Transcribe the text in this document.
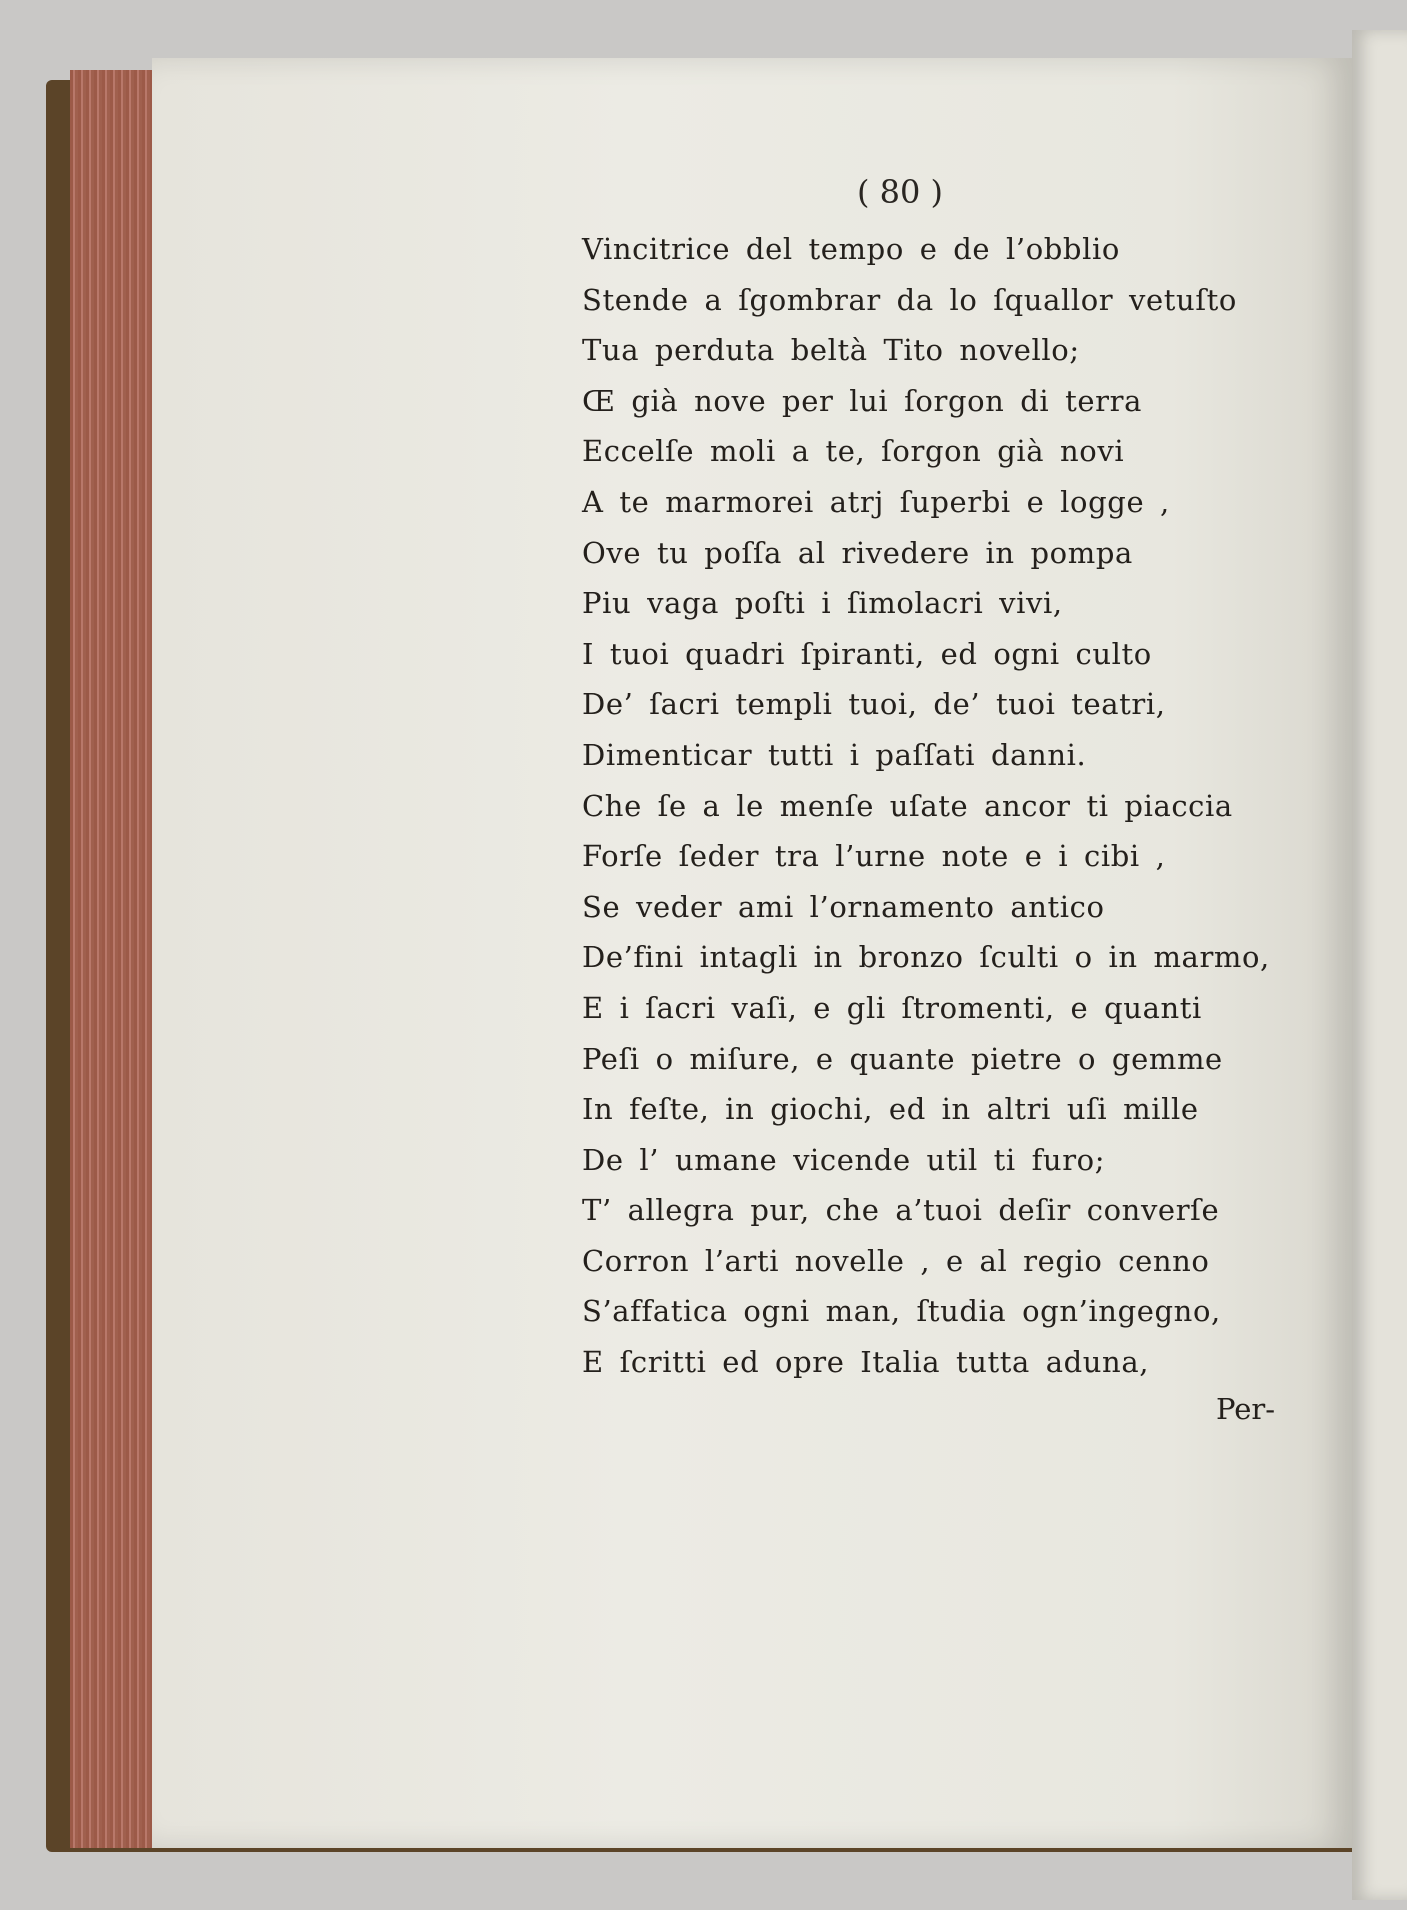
( 80 )
Vincitrice del tempo e de l’obblio
Stende a ſgombrar da lo ſquallor vetuſto
Tua perduta beltà Tito novello;
Œ già nove per lui ſorgon di terra
Eccelſe moli a te, ſorgon già novi
A te marmorei atrj ſuperbi e logge ,
Ove tu poſſa al rivedere in pompa
Piu vaga poſti i ſimolacri vivi,
I tuoi quadri ſpiranti, ed ogni culto
De’ ſacri templi tuoi, de’ tuoi teatri,
Dimenticar tutti i paſſati danni.
Che ſe a le menſe uſate ancor ti piaccia
Forſe ſeder tra l’urne note e i cibi ,
Se veder ami l’ornamento antico
De’fini intagli in bronzo ſculti o in marmo,
E i ſacri vaſi, e gli ſtromenti, e quanti
Peſi o miſure, e quante pietre o gemme
In feſte, in giochi, ed in altri uſi mille
De l’ umane vicende util ti furo;
T’ allegra pur, che a’tuoi deſir converſe
Corron l’arti novelle , e al regio cenno
S’affatica ogni man, ſtudia ogn’ingegno,
E ſcritti ed opre Italia tutta aduna,
Per-
